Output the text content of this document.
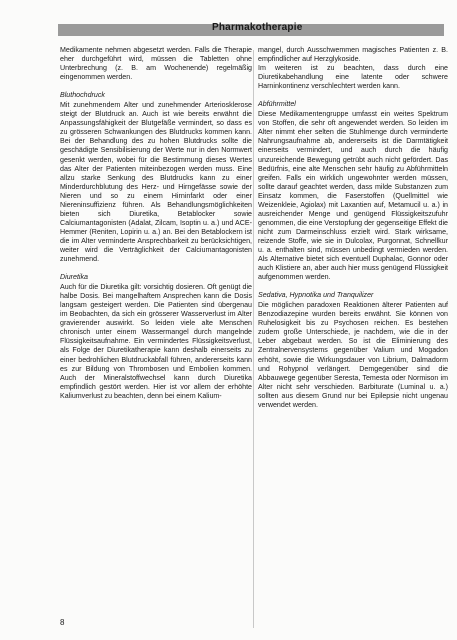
Pharmakotherapie

Medikamente nehmen abgesetzt werden. Falls die Therapie eher durchgeführt wird, müssen die Tabletten ohne Unterbrechung (z. B. am Wochenende) regelmäßig eingenommen werden.

Bluthochdruck

Mit zunehmendem Alter und zunehmender Arteriosklerose steigt der Blutdruck an. Auch ist wie bereits erwähnt die Anpassungsfähigkeit der Blutgefäße vermindert, so dass es zu grösseren Schwankungen des Blutdrucks kommen kann. Bei der Behandlung des zu hohen Blutdrucks sollte die geschädigte Sensibilisierung der Werte nur in den Normwert gesenkt werden, wobei für die Bestimmung dieses Wertes das Alter der Patienten miteinbezogen werden muss. Eine allzu starke Senkung des Blutdrucks kann zu einer Minderdurchblutung des Herz- und Hirngefässe sowie der Nieren und so zu einem Hirninfarkt oder einer Niereninsuffizienz führen. Als Behandlungsmöglichkeiten bieten sich Diuretika, Betablocker sowie Calciumantagonisten (Adalat, Zilcam, Isoptin u. a.) und ACE-Hemmer (Reniten, Lopirin u. a.) an. Bei den Betablockern ist die im Alter verminderte Ansprechbarkeit zu berücksichtigen, weiter wird die Verträglichkeit der Calciumantagonisten zunehmend.

Diuretika

Auch für die Diuretika gilt: vorsichtig dosieren. Oft genügt die halbe Dosis. Bei mangelhaftem Ansprechen kann die Dosis langsam gesteigert werden. Die Patienten sind übergenau im Beobachten, da sich ein grösserer Wasserverlust im Alter gravierender auswirkt. So leiden viele alte Menschen chronisch unter einem Wassermangel durch mangelnde Flüssigkeitsaufnahme. Ein vermindertes Flüssigkeitsverlust, als Folge der Diuretikatherapie kann deshalb einerseits zu einer bedrohlichen Blutdruckabfall führen, andererseits kann es zur Bildung von Thrombosen und Embolien kommen. Auch der Mineralstoffwechsel kann durch Diuretika empfindlich gestört werden. Hier ist vor allem der erhöhte Kaliumverlust zu beachten, denn bei einem Kalium-

mangel, durch Ausschwemmen magisches Patienten z. B. empfindlicher auf Herzglykoside.

Im weiteren ist zu beachten, dass durch eine Diuretikabehandlung eine latente oder schwere Harninkontinenz verschlechtert werden kann.

Abführmittel

Diese Medikamentengruppe umfasst ein weites Spektrum von Stoffen, die sehr oft angewendet werden. So leiden im Alter nimmt eher selten die Stuhlmenge durch verminderte Nahrungsaufnahme ab, andererseits ist die Darmtätigkeit einerseits vermindert, und auch durch die häufig unzureichende Bewegung getrübt auch nicht gefördert. Das Bedürfnis, eine alte Menschen sehr häufig zu Abführmitteln greifen. Falls ein wirklich ungewohnter werden müssen, sollte darauf geachtet werden, dass milde Substanzen zum Einsatz kommen, die Faserstoffen (Quellmittel wie Weizenkleie, Agiolax) mit Laxantien auf, Metamucil u. a.) in ausreichender Menge und genügend Flüssigkeitszufuhr genommen, die eine Verstopfung der gegenseitige Effekt die nicht zum Darmeinschluss erzielt wird. Stark wirksame, reizende Stoffe, wie sie in Dulcolax, Purgonnat, Schnellkur u. a. enthalten sind, müssen unbedingt vermieden werden. Als Alternative bietet sich eventuell Duphalac, Gonnor oder auch Klistiere an, aber auch hier muss genügend Flüssigkeit aufgenommen werden.

Sedativa, Hypnotika und Tranquilizer

Die möglichen paradoxen Reaktionen älterer Patienten auf Benzodiazepine wurden bereits erwähnt. Sie können von Ruhelosigkeit bis zu Psychosen reichen. Es bestehen zudem große Unterschiede, je nachdem, wie die in der Leber abgebaut werden. So ist die Eliminierung des Zentralnervensystems gegenüber Valium und Mogadon erhöht, sowie die Wirkungsdauer von Librium, Dalmadorm und Rohypnol verlängert. Demgegenüber sind die Abbauwege gegenüber Seresta, Temesta oder Normison im Alter nicht sehr verschieden. Barbiturate (Luminal u. a.) sollten aus diesem Grund nur bei Epilepsie nicht ungenau verwendet werden.

8
